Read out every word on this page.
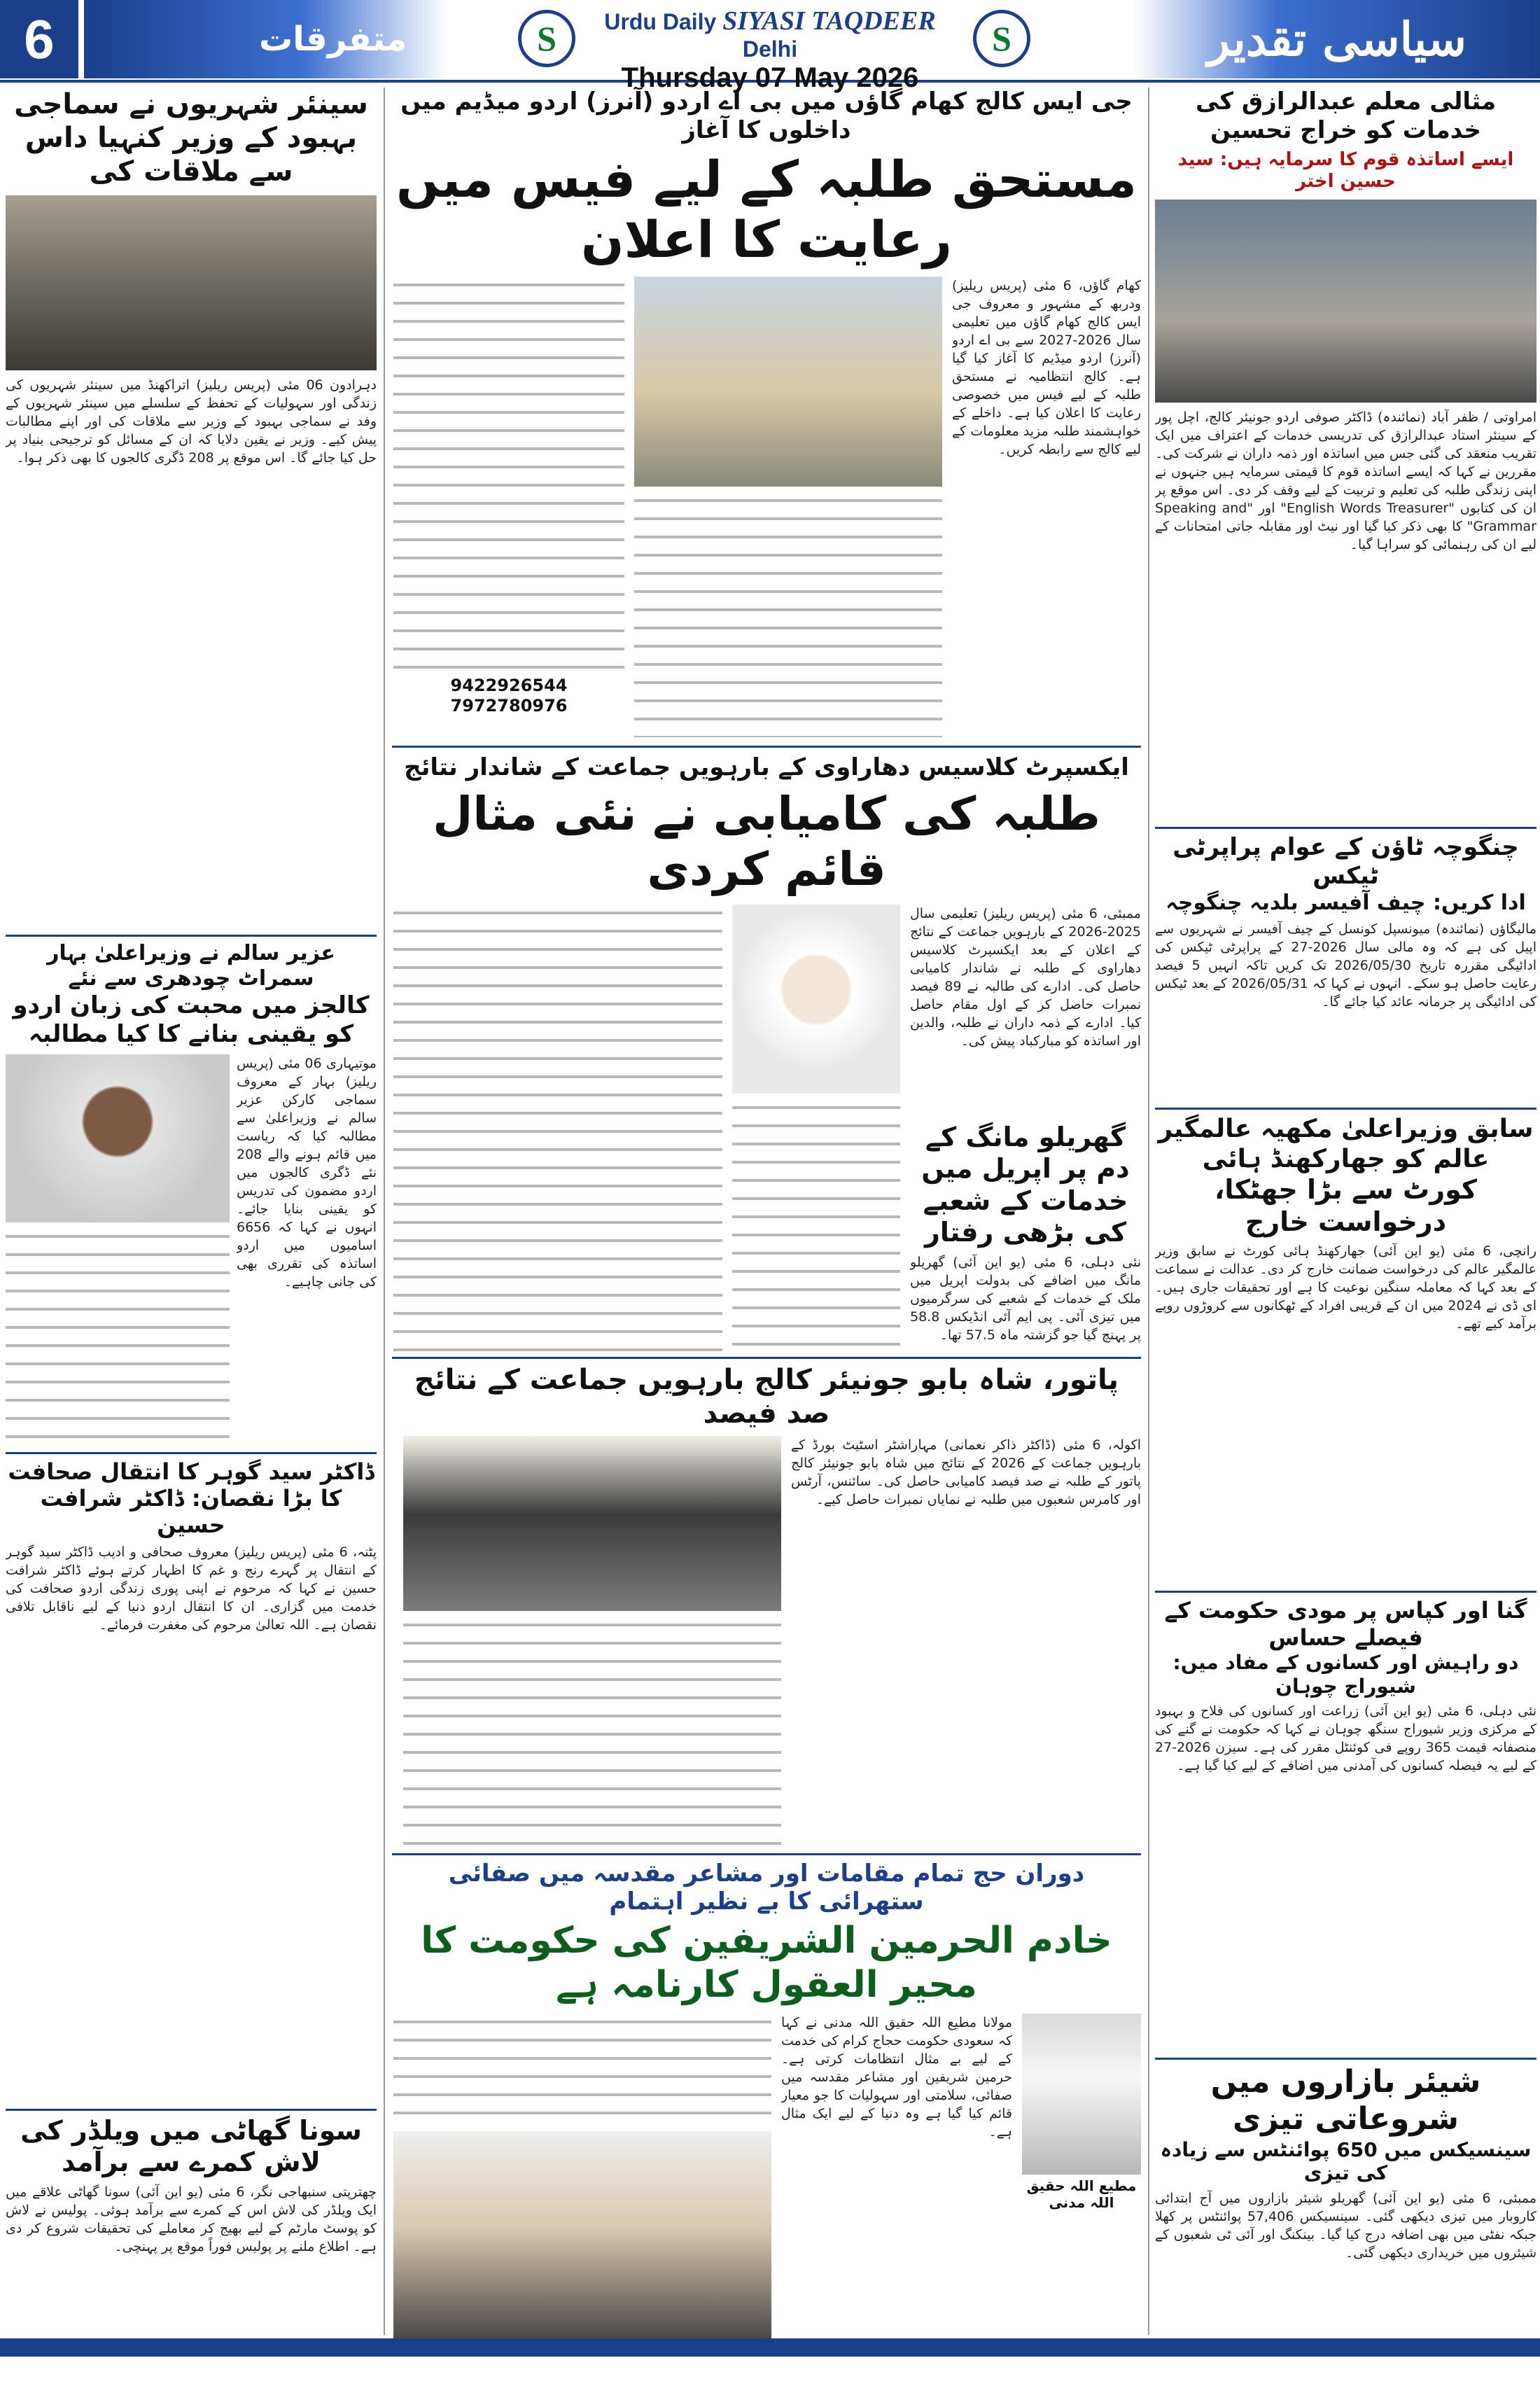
متفرقات
6	S	Urdu Daily SIYASI TAQDEER Delhi
Thursday 07 May 2026
S	سیاسی تقدیر
مثالی معلم عبدالرازق کی خدمات کو خراج تحسین
ایسے اساتذہ قوم کا سرمایہ ہیں: سید حسین اختر
امراوتی / ظفر آباد (نمائندہ) ڈاکٹر صوفی اردو جونیئر کالج، اچل پور کے سینئر استاد عبدالرازق کی تدریسی خدمات کے اعتراف میں ایک تقریب منعقد کی گئی جس میں اساتذہ اور ذمہ داران نے شرکت کی۔ مقررین نے کہا کہ ایسے اساتذہ قوم کا قیمتی سرمایہ ہیں جنہوں نے اپنی زندگی طلبہ کی تعلیم و تربیت کے لیے وقف کر دی۔ اس موقع پر ان کی کتابوں "English Words Treasurer" اور "Speaking and Grammar" کا بھی ذکر کیا گیا اور نیٹ اور مقابلہ جاتی امتحانات کے لیے ان کی رہنمائی کو سراہا گیا۔
چنگوچہ ٹاؤن کے عوام پراپرٹی ٹیکس
ادا کریں: چیف آفیسر بلدیہ چنگوچہ
مالیگاؤں (نمائندہ) میونسپل کونسل کے چیف آفیسر نے شہریوں سے اپیل کی ہے کہ وہ مالی سال 2026-27 کے پراپرٹی ٹیکس کی ادائیگی مقررہ تاریخ 2026/05/30 تک کریں تاکہ انہیں 5 فیصد رعایت حاصل ہو سکے۔ انہوں نے کہا کہ 2026/05/31 کے بعد ٹیکس کی ادائیگی پر جرمانہ عائد کیا جائے گا۔
سابق وزیراعلیٰ مکھیہ عالمگیر عالم کو جھارکھنڈ ہائی
کورٹ سے بڑا جھٹکا، درخواست خارج
رانچی، 6 مئی (یو این آئی) جھارکھنڈ ہائی کورٹ نے سابق وزیر عالمگیر عالم کی درخواست ضمانت خارج کر دی۔ عدالت نے سماعت کے بعد کہا کہ معاملہ سنگین نوعیت کا ہے اور تحقیقات جاری ہیں۔ ای ڈی نے 2024 میں ان کے قریبی افراد کے ٹھکانوں سے کروڑوں روپے برآمد کیے تھے۔
گنا اور کپاس پر مودی حکومت کے فیصلے حساس
دو راہیش اور کسانوں کے مفاد میں: شیوراج چوہان
نئی دہلی، 6 مئی (یو این آئی) زراعت اور کسانوں کی فلاح و بہبود کے مرکزی وزیر شیوراج سنگھ چوہان نے کہا کہ حکومت نے گنے کی منصفانہ قیمت 365 روپے فی کوئنٹل مقرر کی ہے۔ سیزن 2026-27 کے لیے یہ فیصلہ کسانوں کی آمدنی میں اضافے کے لیے کیا گیا ہے۔
شیئر بازاروں میں شروعاتی تیزی
سینسیکس میں 650 پوائنٹس سے زیادہ کی تیزی
ممبئی، 6 مئی (یو این آئی) گھریلو شیئر بازاروں میں آج ابتدائی کاروبار میں تیزی دیکھی گئی۔ سینسیکس 57,406 پوائنٹس پر کھلا جبکہ نفٹی میں بھی اضافہ درج کیا گیا۔ بینکنگ اور آئی ٹی شعبوں کے شیئروں میں خریداری دیکھی گئی۔
جی ایس کالج کھام گاؤں میں بی اے اردو (آنرز) اردو میڈیم میں داخلوں کا آغاز
مستحق طلبہ کے لیے فیس میں رعایت کا اعلان
کھام گاؤں، 6 مئی (پریس ریلیز) ودربھ کے مشہور و معروف جی ایس کالج کھام گاؤں میں تعلیمی سال 2026-2027 سے بی اے اردو (آنرز) اردو میڈیم کا آغاز کیا گیا ہے۔ کالج انتظامیہ نے مستحق طلبہ کے لیے فیس میں خصوصی رعایت کا اعلان کیا ہے۔ داخلے کے خواہشمند طلبہ مزید معلومات کے لیے کالج سے رابطہ کریں۔
9422926544
7972780976
ایکسپرٹ کلاسیس دھاراوی کے بارہویں جماعت کے شاندار نتائج
طلبہ کی کامیابی نے نئی مثال قائم کردی
ممبئی، 6 مئی (پریس ریلیز) تعلیمی سال 2025-2026 کے بارہویں جماعت کے نتائج کے اعلان کے بعد ایکسپرٹ کلاسیس دھاراوی کے طلبہ نے شاندار کامیابی حاصل کی۔ ادارے کی طالبہ نے 89 فیصد نمبرات حاصل کر کے اول مقام حاصل کیا۔ ادارے کے ذمہ داران نے طلبہ، والدین اور اساتذہ کو مبارکباد پیش کی۔
گھریلو مانگ کے دم پر اپریل میں خدمات کے شعبے کی بڑھی رفتار
نئی دہلی، 6 مئی (یو این آئی) گھریلو مانگ میں اضافے کی بدولت اپریل میں ملک کے خدمات کے شعبے کی سرگرمیوں میں تیزی آئی۔ پی ایم آئی انڈیکس 58.8 پر پہنچ گیا جو گزشتہ ماہ 57.5 تھا۔
پاتور، شاہ بابو جونیئر کالج بارہویں جماعت کے نتائج صد فیصد
اکولہ، 6 مئی (ڈاکٹر ذاکر نعمانی) مہاراشٹر اسٹیٹ بورڈ کے بارہویں جماعت کے 2026 کے نتائج میں شاہ بابو جونیئر کالج پاتور کے طلبہ نے صد فیصد کامیابی حاصل کی۔ سائنس، آرٹس اور کامرس شعبوں میں طلبہ نے نمایاں نمبرات حاصل کیے۔
دوران حج تمام مقامات اور مشاعر مقدسہ میں صفائی ستھرائی کا بے نظیر اہتمام
خادم الحرمین الشریفین کی حکومت کا محیر العقول کارنامہ ہے
مطیع اللہ حقیق اللہ مدنی
مولانا مطیع اللہ حقیق اللہ مدنی نے کہا کہ سعودی حکومت حجاج کرام کی خدمت کے لیے بے مثال انتظامات کرتی ہے۔ حرمین شریفین اور مشاعر مقدسہ میں صفائی، سلامتی اور سہولیات کا جو معیار قائم کیا گیا ہے وہ دنیا کے لیے ایک مثال ہے۔
سینئر شہریوں نے سماجی بہبود کے وزیر کنہیا داس سے ملاقات کی
دہرادون 06 مئی (پریس ریلیز) اتراکھنڈ میں سینئر شہریوں کی زندگی اور سہولیات کے تحفظ کے سلسلے میں سینئر شہریوں کے وفد نے سماجی بہبود کے وزیر سے ملاقات کی اور اپنے مطالبات پیش کیے۔ وزیر نے یقین دلایا کہ ان کے مسائل کو ترجیحی بنیاد پر حل کیا جائے گا۔ اس موقع پر 208 ڈگری کالجوں کا بھی ذکر ہوا۔
عزیر سالم نے وزیراعلیٰ بہار سمراٹ چودھری سے نئے
کالجز میں محبت کی زبان اردو کو یقینی بنانے کا کیا مطالبہ
موتیہاری 06 مئی (پریس ریلیز) بہار کے معروف سماجی کارکن عزیر سالم نے وزیراعلیٰ سے مطالبہ کیا کہ ریاست میں قائم ہونے والے 208 نئے ڈگری کالجوں میں اردو مضمون کی تدریس کو یقینی بنایا جائے۔ انہوں نے کہا کہ 6656 اسامیوں میں اردو اساتذہ کی تقرری بھی کی جانی چاہیے۔
ڈاکٹر سید گوہر کا انتقال صحافت کا بڑا نقصان: ڈاکٹر شرافت حسین
پٹنہ، 6 مئی (پریس ریلیز) معروف صحافی و ادیب ڈاکٹر سید گوہر کے انتقال پر گہرے رنج و غم کا اظہار کرتے ہوئے ڈاکٹر شرافت حسین نے کہا کہ مرحوم نے اپنی پوری زندگی اردو صحافت کی خدمت میں گزاری۔ ان کا انتقال اردو دنیا کے لیے ناقابل تلافی نقصان ہے۔ اللہ تعالیٰ مرحوم کی مغفرت فرمائے۔
سونا گھاٹی میں ویلڈر کی لاش کمرے سے برآمد
چھترپتی سنبھاجی نگر، 6 مئی (یو این آئی) سونا گھاٹی علاقے میں ایک ویلڈر کی لاش اس کے کمرے سے برآمد ہوئی۔ پولیس نے لاش کو پوسٹ مارٹم کے لیے بھیج کر معاملے کی تحقیقات شروع کر دی ہے۔ اطلاع ملنے پر پولیس فوراً موقع پر پہنچی۔
